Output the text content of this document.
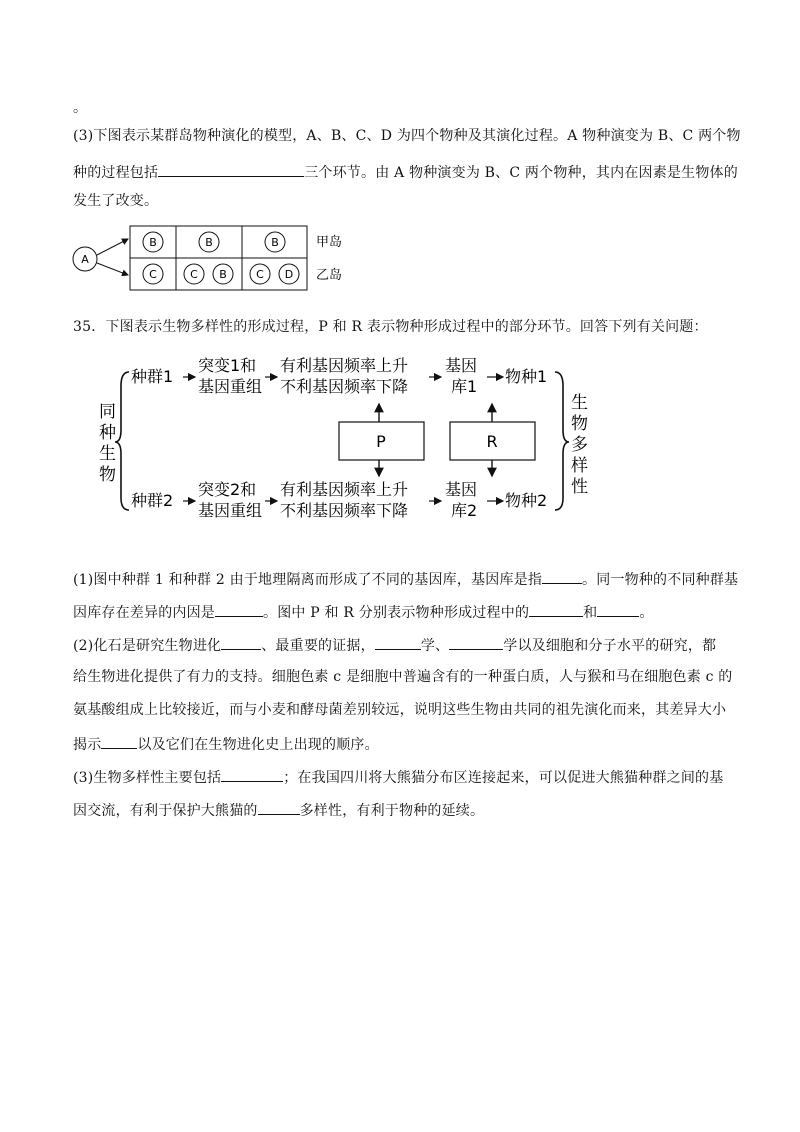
。
(3)下图表示某群岛物种演化的模型，A、B、C、D 为四个物种及其演化过程。A 物种演变为 B、C 两个物
种的过程包括	三个环节。由 A 物种演变为 B、C 两个物种，其内在因素是生物体的
发生了改变。
A
B	B	B
C	C B	C D
甲岛
乙岛
35．下图表示生物多样性的形成过程，P 和 R 表示物种形成过程中的部分环节。回答下列有关问题：
同
种
生
物
种群1
突变1和
基因重组
有利基因频率上升
不利基因频率下降
基因
库1
物种1
P	R
种群2
突变2和
基因重组
有利基因频率上升
不利基因频率下降
基因
库2
物种2
生
物
多
样
性
(1)图中种群 1 和种群 2 由于地理隔离而形成了不同的基因库，基因库是指	。同一物种的不同种群基
因库存在差异的内因是	。图中 P 和 R 分别表示物种形成过程中的	和	。
(2)化石是研究生物进化	、最重要的证据，	学、	学以及细胞和分子水平的研究，都
给生物进化提供了有力的支持。细胞色素 c 是细胞中普遍含有的一种蛋白质，人与猴和马在细胞色素 c 的
氨基酸组成上比较接近，而与小麦和酵母菌差别较远，说明这些生物由共同的祖先演化而来，其差异大小
揭示	以及它们在生物进化史上出现的顺序。
(3)生物多样性主要包括	；在我国四川将大熊猫分布区连接起来，可以促进大熊猫种群之间的基
因交流，有利于保护大熊猫的	多样性，有利于物种的延续。
